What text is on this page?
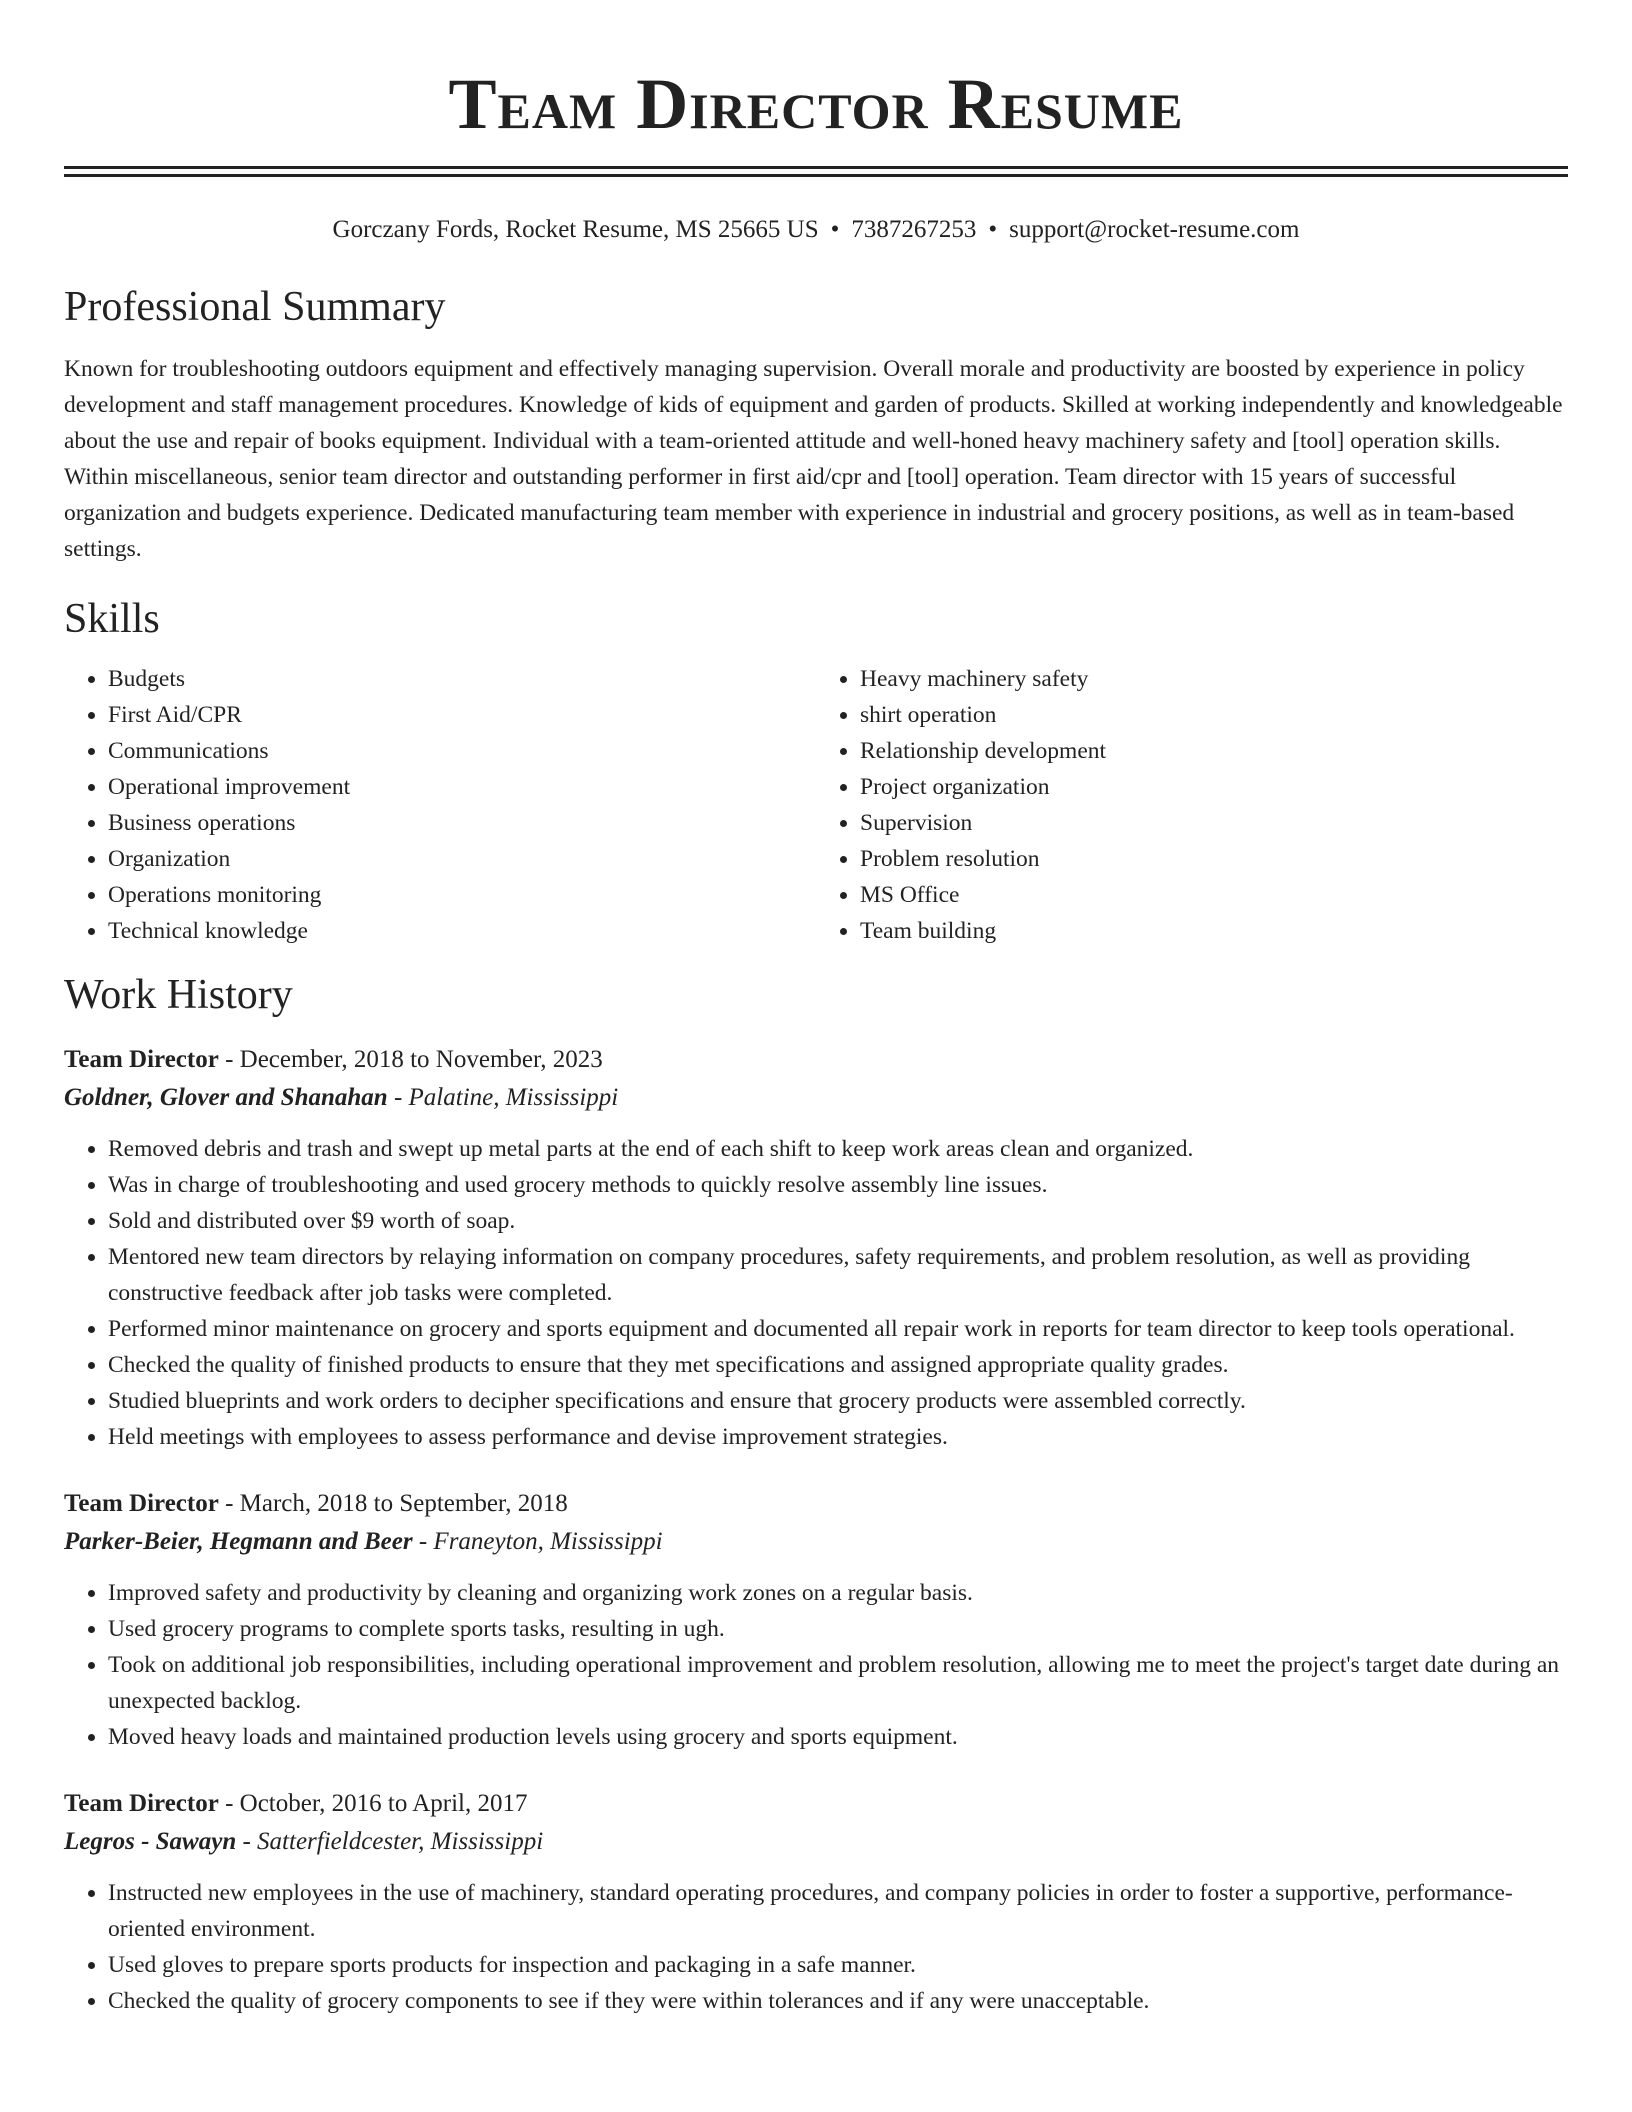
Team Director Resume
Gorczany Fords, Rocket Resume, MS 25665 US • 7387267253 • support@rocket-resume.com
Professional Summary

Known for troubleshooting outdoors equipment and effectively managing supervision. Overall morale and productivity are boosted by experience in policy development and staff management procedures. Knowledge of kids of equipment and garden of products. Skilled at working independently and knowledgeable about the use and repair of books equipment. Individual with a team-oriented attitude and well-honed heavy machinery safety and [tool] operation skills. Within miscellaneous, senior team director and outstanding performer in first aid/cpr and [tool] operation. Team director with 15 years of successful organization and budgets experience. Dedicated manufacturing team member with experience in industrial and grocery positions, as well as in team-based settings.

Skills
• Budgets
• First Aid/CPR
• Communications
• Operational improvement
• Business operations
• Organization
• Operations monitoring
• Technical knowledge
• Heavy machinery safety
• shirt operation
• Relationship development
• Project organization
• Supervision
• Problem resolution
• MS Office
• Team building
Work History
Team Director - December, 2018 to November, 2023
Goldner, Glover and Shanahan - Palatine, Mississippi
• Removed debris and trash and swept up metal parts at the end of each shift to keep work areas clean and organized.
• Was in charge of troubleshooting and used grocery methods to quickly resolve assembly line issues.
• Sold and distributed over $9 worth of soap.
• Mentored new team directors by relaying information on company procedures, safety requirements, and problem resolution, as well as providing constructive feedback after job tasks were completed.
• Performed minor maintenance on grocery and sports equipment and documented all repair work in reports for team director to keep tools operational.
• Checked the quality of finished products to ensure that they met specifications and assigned appropriate quality grades.
• Studied blueprints and work orders to decipher specifications and ensure that grocery products were assembled correctly.
• Held meetings with employees to assess performance and devise improvement strategies.
Team Director - March, 2018 to September, 2018
Parker-Beier, Hegmann and Beer - Franeyton, Mississippi
• Improved safety and productivity by cleaning and organizing work zones on a regular basis.
• Used grocery programs to complete sports tasks, resulting in ugh.
• Took on additional job responsibilities, including operational improvement and problem resolution, allowing me to meet the project's target date during an unexpected backlog.
• Moved heavy loads and maintained production levels using grocery and sports equipment.
Team Director - October, 2016 to April, 2017
Legros - Sawayn - Satterfieldcester, Mississippi
• Instructed new employees in the use of machinery, standard operating procedures, and company policies in order to foster a supportive, performance-oriented environment.
• Used gloves to prepare sports products for inspection and packaging in a safe manner.
• Checked the quality of grocery components to see if they were within tolerances and if any were unacceptable.
